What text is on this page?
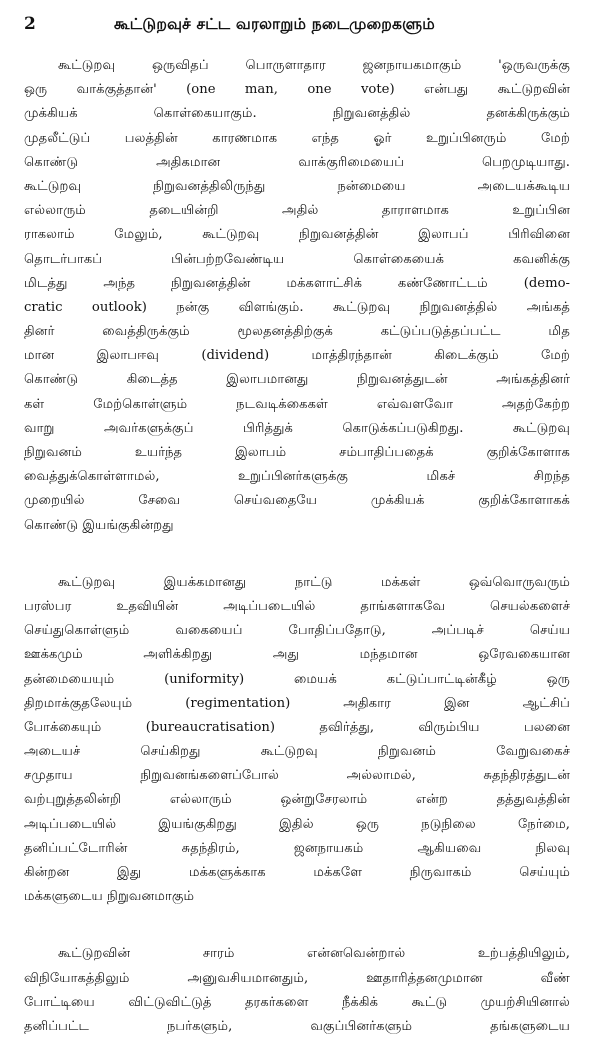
2	கூட்டுறவுச் சட்ட வரலாறும் நடைமுறைகளும்
கூட்டுறவு ஒருவிதப் பொருளாதார ஜனநாயகமாகும் 'ஒருவருக்கு
ஒரு வாக்குத்தான்' (one man, one vote) என்பது கூட்டுறவின்
முக்கியக் கொள்கையாகும். நிறுவனத்தில் தனக்கிருக்கும்
முதலீட்டுப் பலத்தின் காரணமாக எந்த ஓர் உறுப்பினரும் மேற்
கொண்டு அதிகமான வாக்குரிமையைப் பெறமுடியாது.
கூட்டுறவு நிறுவனத்திலிருந்து நன்மையை அடையக்கூடிய
எல்லாரும் தடையின்றி அதில் தாராளமாக உறுப்பின
ராகலாம் மேலும், கூட்டுறவு நிறுவனத்தின் இலாபப் பிரிவினை
தொடர்பாகப் பின்பற்றவேண்டிய கொள்கையைக் கவனிக்கு
மிடத்து அந்த நிறுவனத்தின் மக்களாட்சிக் கண்ணோட்டம் (demo-
cratic outlook) நன்கு விளங்கும். கூட்டுறவு நிறுவனத்தில் அங்கத்
தினர் வைத்திருக்கும் மூலதனத்திற்குக் கட்டுப்படுத்தப்பட்ட மித
மான இலாபஈவு (dividend) மாத்திரந்தான் கிடைக்கும் மேற்
கொண்டு கிடைத்த இலாபமானது நிறுவனத்துடன் அங்கத்தினர்
கள் மேற்கொள்ளும் நடவடிக்கைகள் எவ்வளவோ அதற்கேற்ற
வாறு அவர்களுக்குப் பிரித்துக் கொடுக்கப்படுகிறது. கூட்டுறவு
நிறுவனம் உயர்ந்த இலாபம் சம்பாதிப்பதைக் குறிக்கோளாக
வைத்துக்கொள்ளாமல், உறுப்பினர்களுக்கு மிகச் சிறந்த
முறையில் சேவை செய்வதையே முக்கியக் குறிக்கோளாகக்
கொண்டு இயங்குகின்றது
கூட்டுறவு இயக்கமானது நாட்டு மக்கள் ஒவ்வொருவரும்
பரஸ்பர உதவியின் அடிப்படையில் தாங்களாகவே செயல்களைச்
செய்துகொள்ளும் வகையைப் போதிப்பதோடு, அப்படிச் செய்ய
ஊக்கமும் அளிக்கிறது அது மந்தமான ஒரேவகையான
தன்மையையும் (uniformity) மையக் கட்டுப்பாட்டின்கீழ் ஒரு
திறமாக்குதலேயும் (regimentation) அதிகார இன ஆட்சிப்
போக்கையும் (bureaucratisation) தவிர்த்து, விரும்பிய பலனை
அடையச் செய்கிறது கூட்டுறவு நிறுவனம் வேறுவகைச்
சமுதாய நிறுவனங்களைப்போல் அல்லாமல், சுதந்திரத்துடன்
வற்புறுத்தலின்றி எல்லாரும் ஒன்றுசேரலாம் என்ற தத்துவத்தின்
அடிப்படையில் இயங்குகிறது இதில் ஒரு நடுநிலை நேர்மை,
தனிப்பட்டோரின் சுதந்திரம், ஜனநாயகம் ஆகியவை நிலவு
கின்றன இது மக்களுக்காக மக்களே நிருவாகம் செய்யும்
மக்களுடைய நிறுவனமாகும்
கூட்டுறவின் சாரம் என்னவென்றால் உற்பத்தியிலும்,
விநியோகத்திலும் அனுவசியமானதும், ஊதாரித்தனமுமான வீண்
போட்டியை விட்டுவிட்டுத் தரகர்களை நீக்கிக் கூட்டு முயற்சியினால்
தனிப்பட்ட நபர்களும், வகுப்பினர்களும் தங்களுடைய
